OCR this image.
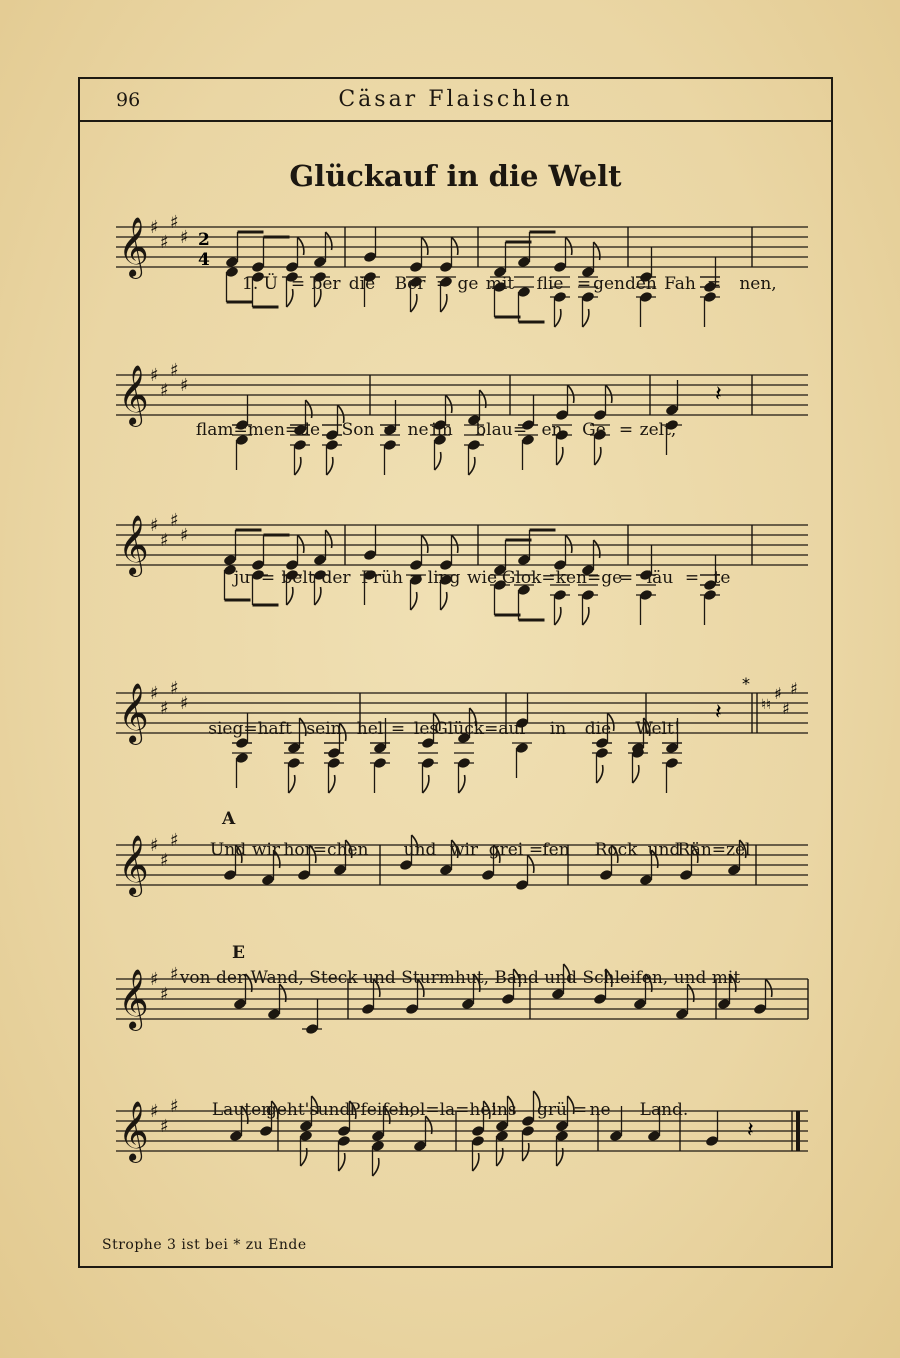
96	Cäsar Flaischlen
Glückauf in die Welt
𝄞 ♯
♯
♯
♯ 2
4
1. Ü = ber die Ber = ge mit flie = genden Fah = nen,
𝄞 ♯
♯
♯
♯	𝄽
flam=men=de Son = ne im blau = en Ge = zelt,
𝄞 ♯
♯
♯
♯
ju = belt der Früh = ling wie Glok=ken=ge
= läu = te
𝄞 ♯
♯
♯
♯
*
♮♮
♯
♯
♯
𝄽
sieg=haft sein hel = les
Glück=auf in die Welt!
𝄞 ♯
♯
♯
A
Und wir hor=chen und wir grei = fen Rock und
Rän=zel
𝄞 ♯
♯
♯
E
von der Wand, Steck und Sturmhut, Band und Schleifen, und mit
𝄞 ♯
♯
♯
𝄽
Lauten
geht's und
Pfeifen,
hol=la=he!
ins grü = ne Land.
Strophe 3 ist bei * zu Ende
